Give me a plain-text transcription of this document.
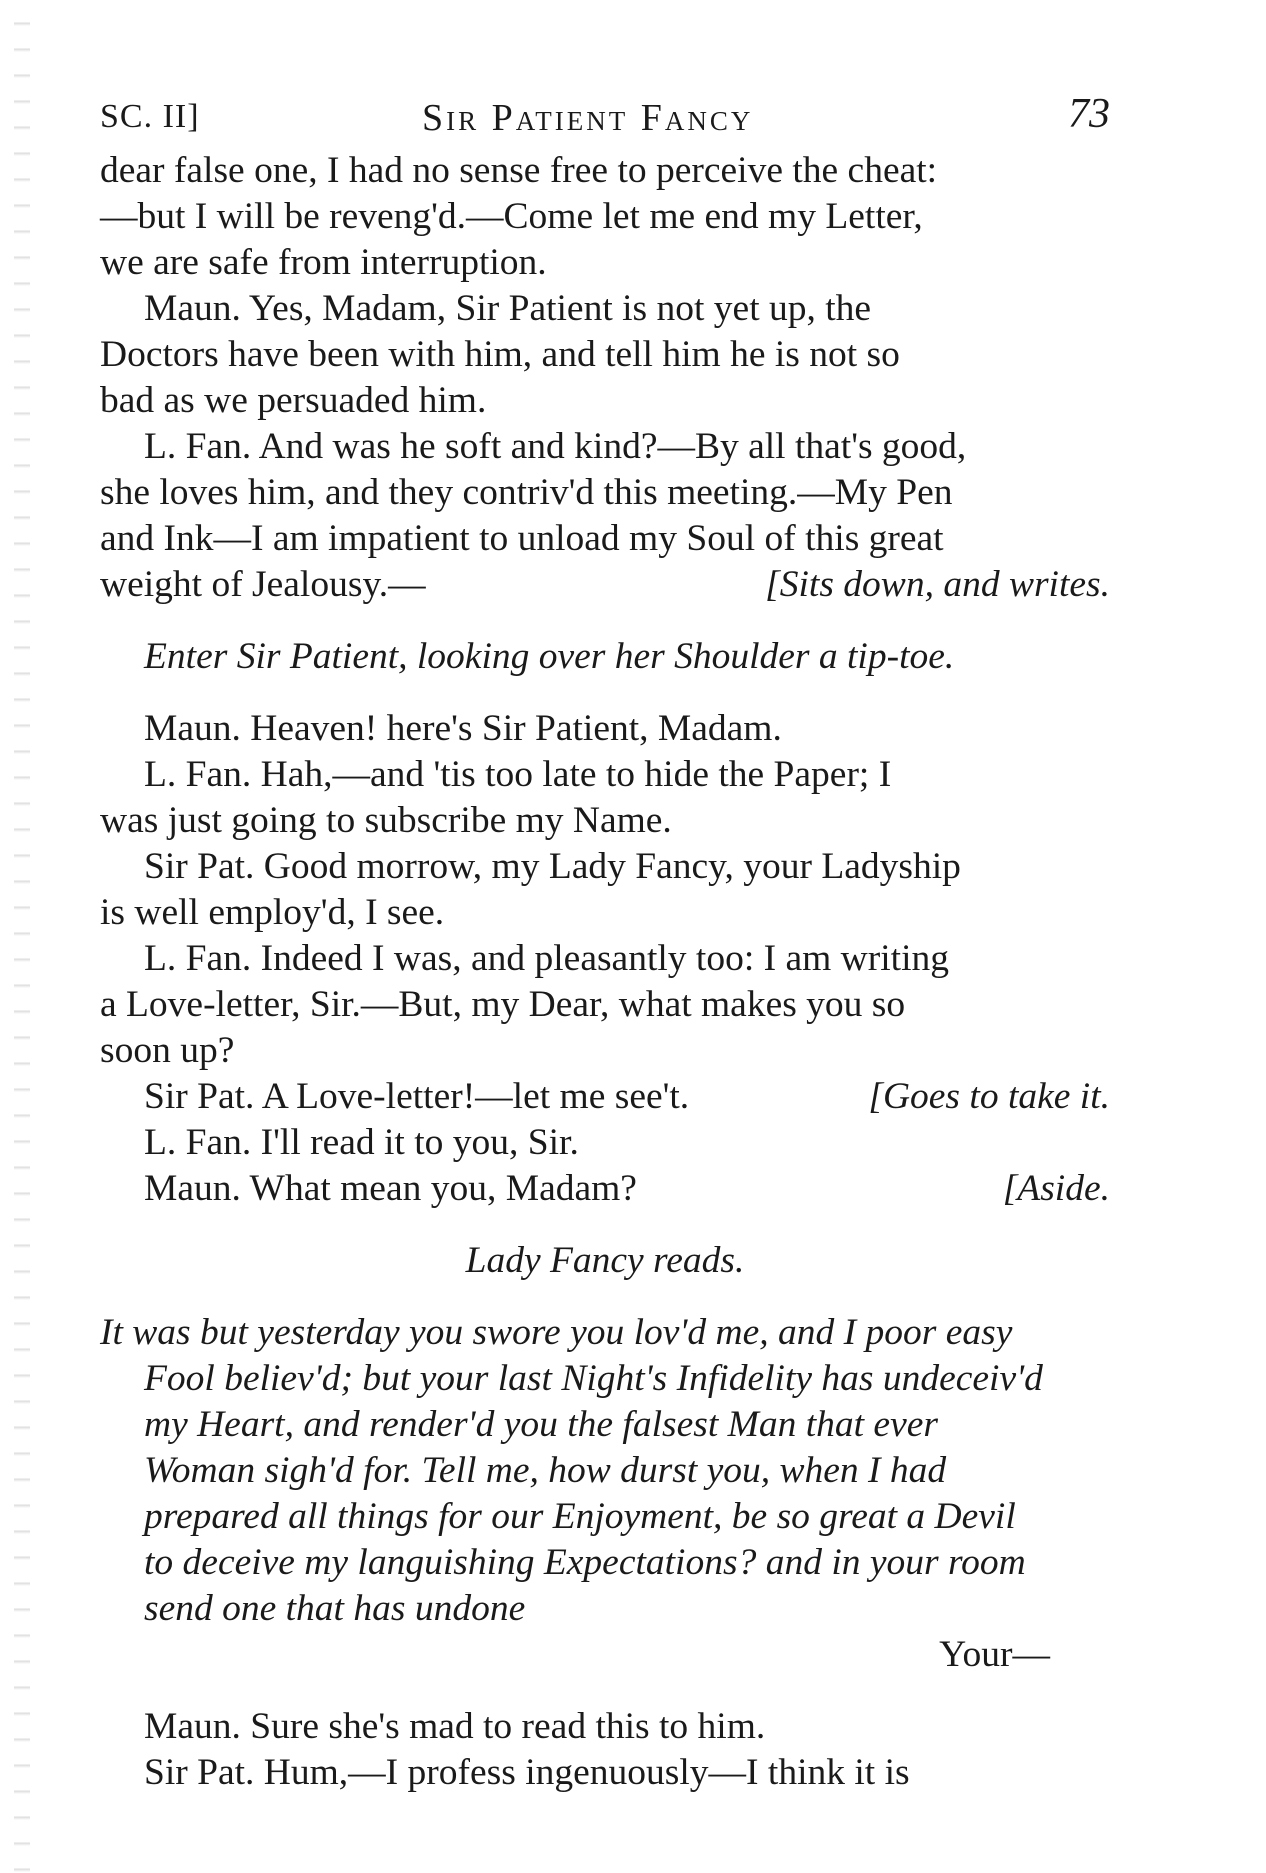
SC. II]	Sir Patient Fancy	73
dear false one, I had no sense free to perceive the cheat:
—but I will be reveng'd.—Come let me end my Letter,
we are safe from interruption.
Maun. Yes, Madam, Sir Patient is not yet up, the
Doctors have been with him, and tell him he is not so
bad as we persuaded him.
L. Fan. And was he soft and kind?—By all that's good,
she loves him, and they contriv'd this meeting.—My Pen
and Ink—I am impatient to unload my Soul of this great
weight of Jealousy.—	[Sits down, and writes.
Enter Sir Patient, looking over her Shoulder a tip-toe.
Maun. Heaven! here's Sir Patient, Madam.
L. Fan. Hah,—and 'tis too late to hide the Paper; I
was just going to subscribe my Name.
Sir Pat. Good morrow, my Lady Fancy, your Ladyship
is well employ'd, I see.
L. Fan. Indeed I was, and pleasantly too: I am writing
a Love-letter, Sir.—But, my Dear, what makes you so
soon up?
Sir Pat. A Love-letter!—let me see't.	[Goes to take it.
L. Fan. I'll read it to you, Sir.
Maun. What mean you, Madam?	[Aside.
Lady Fancy reads.
It was but yesterday you swore you lov'd me, and I poor easy
Fool believ'd; but your last Night's Infidelity has undeceiv'd
my Heart, and render'd you the falsest Man that ever
Woman sigh'd for. Tell me, how durst you, when I had
prepared all things for our Enjoyment, be so great a Devil
to deceive my languishing Expectations? and in your room
send one that has undone
Your—
Maun. Sure she's mad to read this to him.
Sir Pat. Hum,—I profess ingenuously—I think it is
